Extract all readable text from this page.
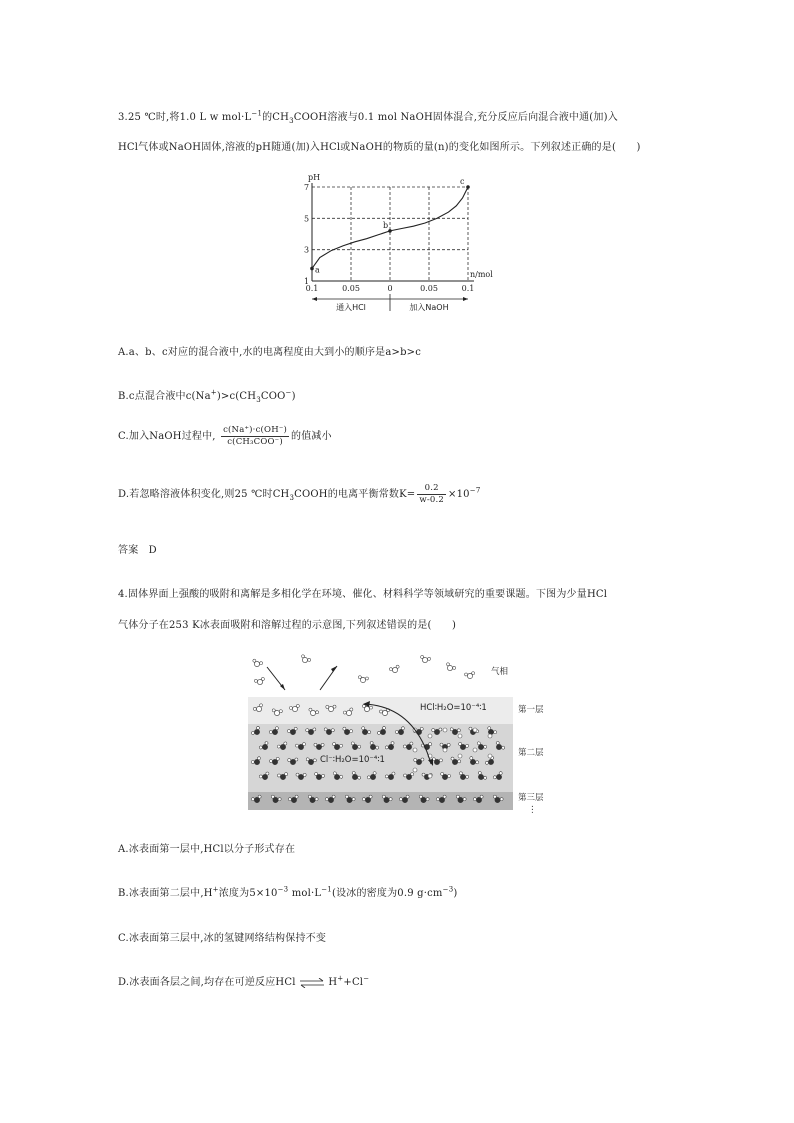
3.25 ℃时,将1.0 L w $mol\cdot L^{-1}$的$CH_3COOH$溶液与0.1 mol NaOH固体混合,充分反应后向混合液中通(加)入
HCl气体或NaOH固体,溶液的pH随通(加)入HCl或NaOH的物质的量(n)的变化如图所示。下列叙述正确的是(　　)
1
3
5
7
0.1	0.05	0	0.05	0.1
pH
n/mol
a
b
c
通入HCl	加入NaOH
A.a、b、c对应的混合液中,水的电离程度由大到小的顺序是a>b>c
B.c点混合液中$c(Na^+)>c(CH_3COO^-)$
C.加入NaOH过程中, $\frac{c(Na^+)\cdot c(OH^-)}{\text{c(CH₃COO⁻)}}$ 的值减小
D.若忽略溶液体积变化,则25 ℃时$CH_3COOH$的电离平衡常数$K= \frac{0.2}{w-0.2} \times 10^{-7}$
答案　D
4.固体界面上强酸的吸附和离解是多相化学在环境、催化、材料科学等领域研究的重要课题。下图为少量HCl
气体分子在253 K冰表面吸附和溶解过程的示意图,下列叙述错误的是(　　)
HCl∶H₂O=10⁻⁴∶1
Cl⁻∶H₂O=10⁻⁴∶1
气相
第一层
第二层
第三层
⋮
A.冰表面第一层中,HCl以分子形式存在
B.冰表面第二层中,H+浓度为$5\times 10^{-3}$ $mol\cdot L^{-1}$(设冰的密度为0.9 $g\cdot cm^{-3}$)
C.冰表面第三层中,冰的氢键网络结构保持不变
D.冰表面各层之间,均存在可逆反应HCl ⇌ H++Cl−
